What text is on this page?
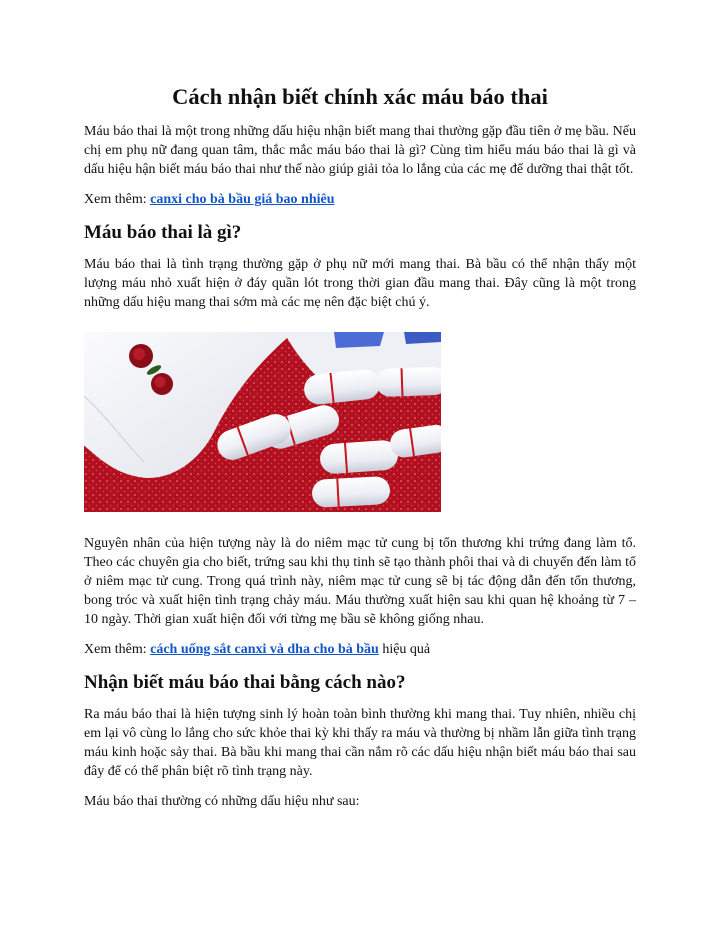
Cách nhận biết chính xác máu báo thai

Máu báo thai là một trong những dấu hiệu nhận biết mang thai thường gặp đầu tiên ở mẹ bầu. Nếu chị em phụ nữ đang quan tâm, thắc mắc máu báo thai là gì? Cùng tìm hiểu máu báo thai là gì và dấu hiệu hận biết máu báo thai như thế nào giúp giải tỏa lo lắng của các mẹ để dưỡng thai thật tốt.

Xem thêm: canxi cho bà bầu giá bao nhiêu

Máu báo thai là gì?

Máu báo thai là tình trạng thường gặp ở phụ nữ mới mang thai. Bà bầu có thể nhận thấy một lượng máu nhỏ xuất hiện ở đáy quần lót trong thời gian đầu mang thai. Đây cũng là một trong những dấu hiệu mang thai sớm mà các mẹ nên đặc biệt chú ý.

Nguyên nhân của hiện tượng này là do niêm mạc tử cung bị tổn thương khi trứng đang làm tổ. Theo các chuyên gia cho biết, trứng sau khi thụ tinh sẽ tạo thành phôi thai và di chuyển đến làm tổ ở niêm mạc tử cung. Trong quá trình này, niêm mạc tử cung sẽ bị tác động dẫn đến tổn thương, bong tróc và xuất hiện tình trạng chảy máu. Máu thường xuất hiện sau khi quan hệ khoảng từ 7 – 10 ngày. Thời gian xuất hiện đối với từng mẹ bầu sẽ không giống nhau.

Xem thêm: cách uống sắt canxi và dha cho bà bầu hiệu quả

Nhận biết máu báo thai bằng cách nào?

Ra máu báo thai là hiện tượng sinh lý hoàn toàn bình thường khi mang thai. Tuy nhiên, nhiều chị em lại vô cùng lo lắng cho sức khỏe thai kỳ khi thấy ra máu và thường bị nhầm lẫn giữa tình trạng máu kinh hoặc sảy thai. Bà bầu khi mang thai cần nắm rõ các dấu hiệu nhận biết máu báo thai sau đây để có thể phân biệt rõ tình trạng này.

Máu báo thai thường có những dấu hiệu như sau:
